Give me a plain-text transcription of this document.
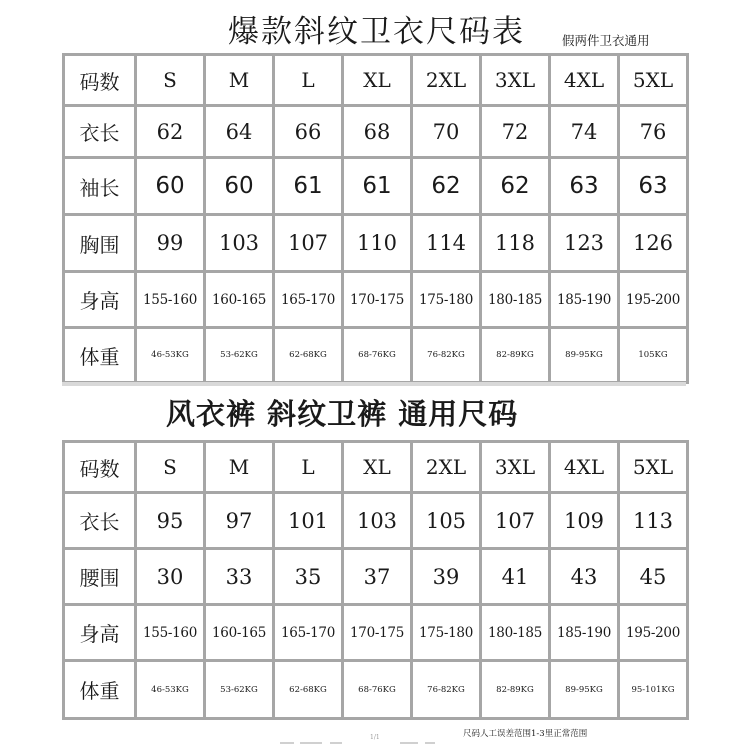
爆款斜纹卫衣尺码表	假两件卫衣通用
码数	S	M	L	XL	2XL	3XL	4XL	5XL
衣长	62	64	66	68	70	72	74	76
袖长	60	60	61	61	62	62	63	63
胸围	99	103	107	110	114	118	123	126
身高	155-160	160-165	165-170	170-175	175-180	180-185	185-190	195-200
体重	46-53KG	53-62KG	62-68KG	68-76KG	76-82KG	82-89KG	89-95KG	105KG
风衣裤 斜纹卫裤 通用尺码
码数	S	M	L	XL	2XL	3XL	4XL	5XL
衣长	95	97	101	103	105	107	109	113
腰围	30	33	35	37	39	41	43	45
身高	155-160	160-165	165-170	170-175	175-180	180-185	185-190	195-200
体重	46-53KG	53-62KG	62-68KG	68-76KG	76-82KG	82-89KG	89-95KG	95-101KG
1/1	尺码人工误差范围1-3里正常范围
